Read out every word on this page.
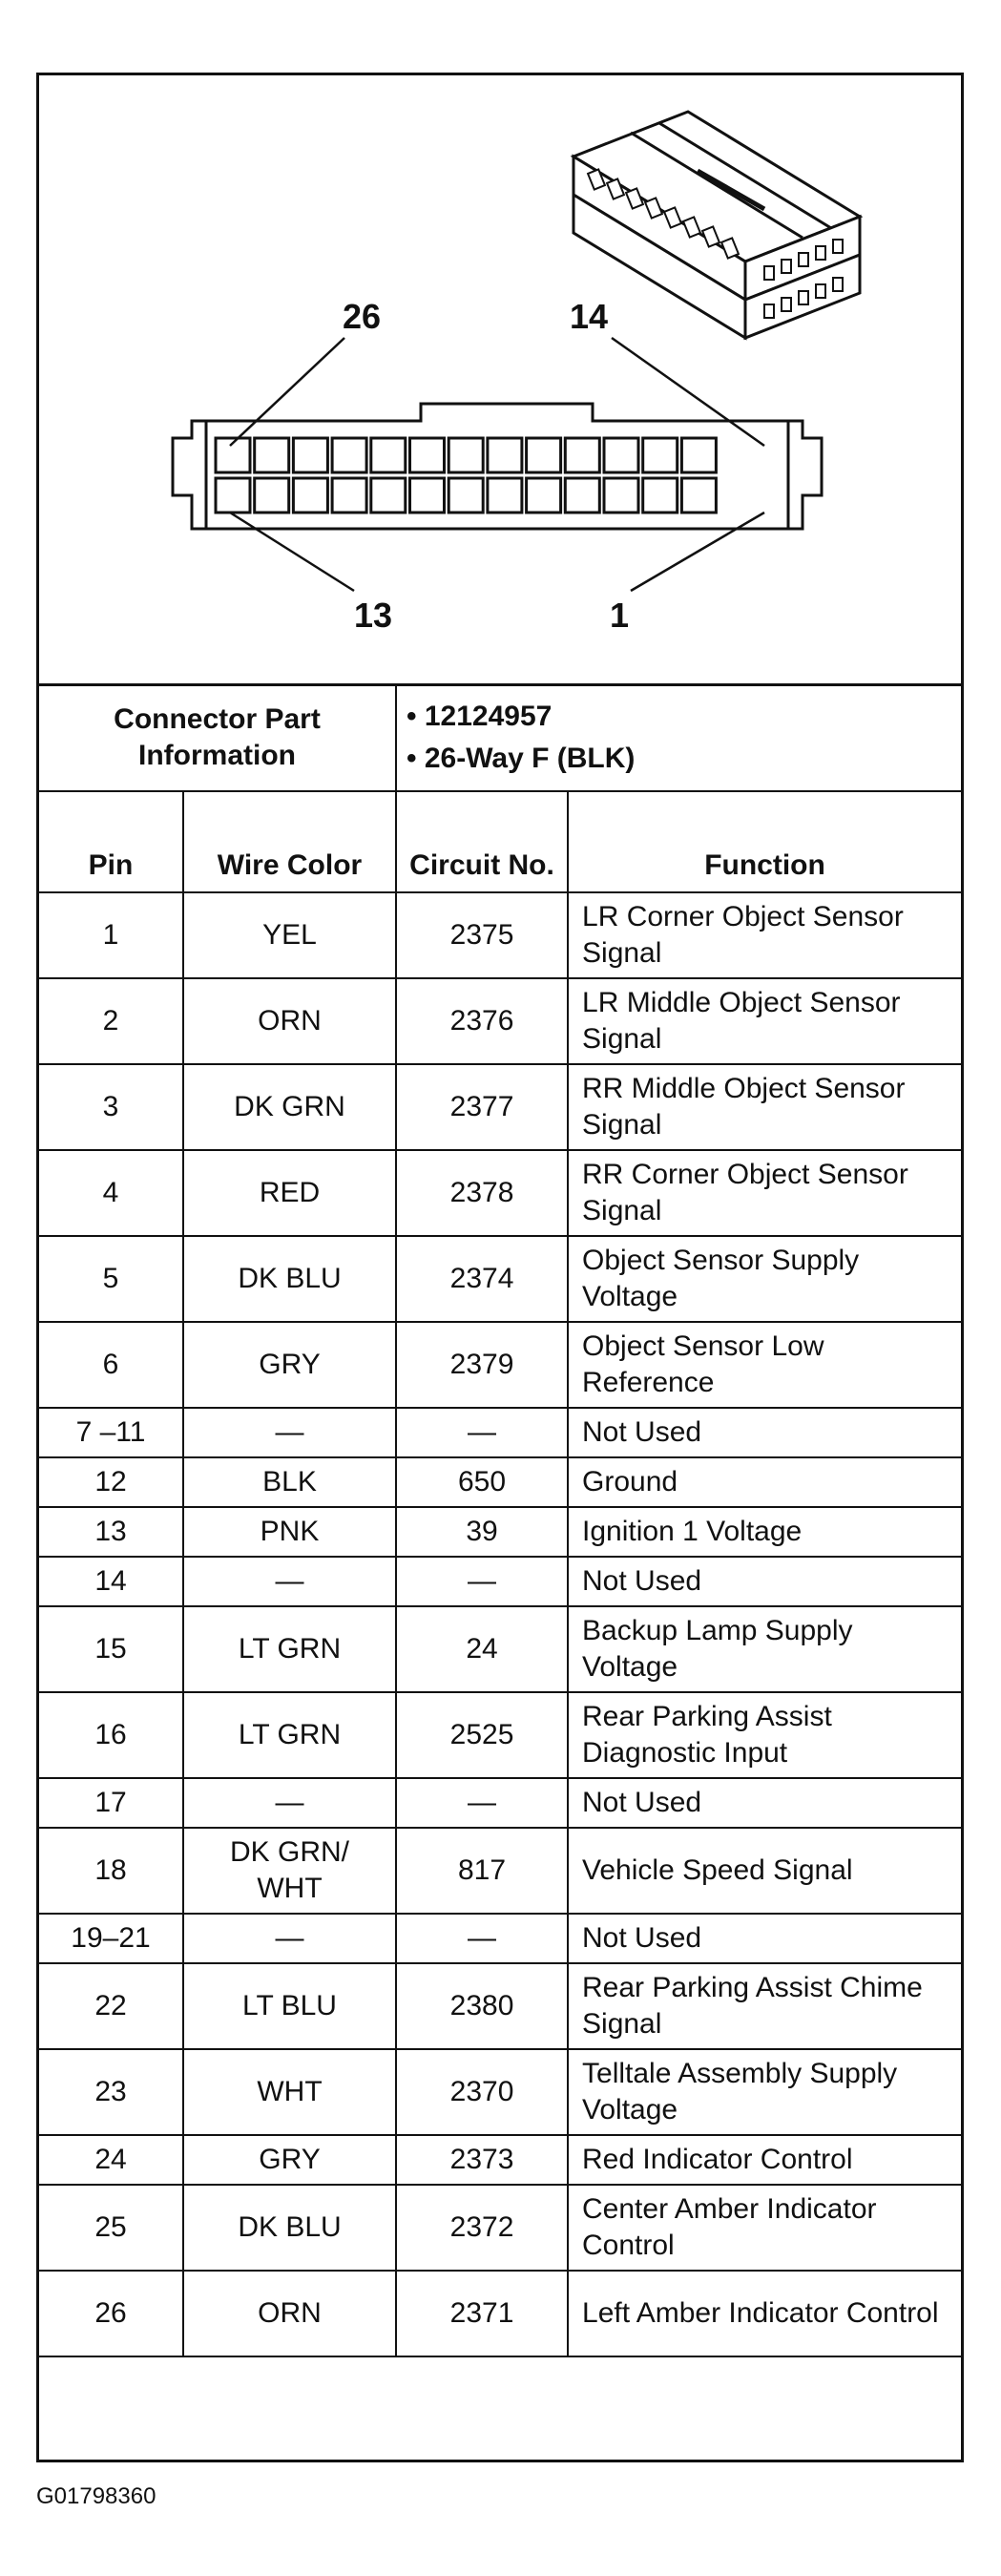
26	14
13	1
Connector Part Information		• 12124957
• 26-Way F (BLK)	

Pin	Wire Color	Circuit No.	Function
1	YEL	2375	LR Corner Object Sensor Signal
2	ORN	2376	LR Middle Object Sensor Signal
3	DK GRN	2377	RR Middle Object Sensor Signal
4	RED	2378	RR Corner Object Sensor Signal
5	DK BLU	2374	Object Sensor Supply Voltage
6	GRY	2379	Object Sensor Low Reference
7 –11	—	—	Not Used
12	BLK	650	Ground
13	PNK	39	Ignition 1 Voltage
14	—	—	Not Used
15	LT GRN	24	Backup Lamp Supply Voltage
16	LT GRN	2525	Rear Parking Assist Diagnostic Input
17	—	—	Not Used
18	DK GRN/ WHT	817	Vehicle Speed Signal
19–21	—	—	Not Used
22	LT BLU	2380	Rear Parking Assist Chime Signal
23	WHT	2370	Telltale Assembly Supply Voltage
24	GRY	2373	Red Indicator Control
25	DK BLU	2372	Center Amber Indicator Control
26	ORN	2371	Left Amber Indicator Control
G01798360
